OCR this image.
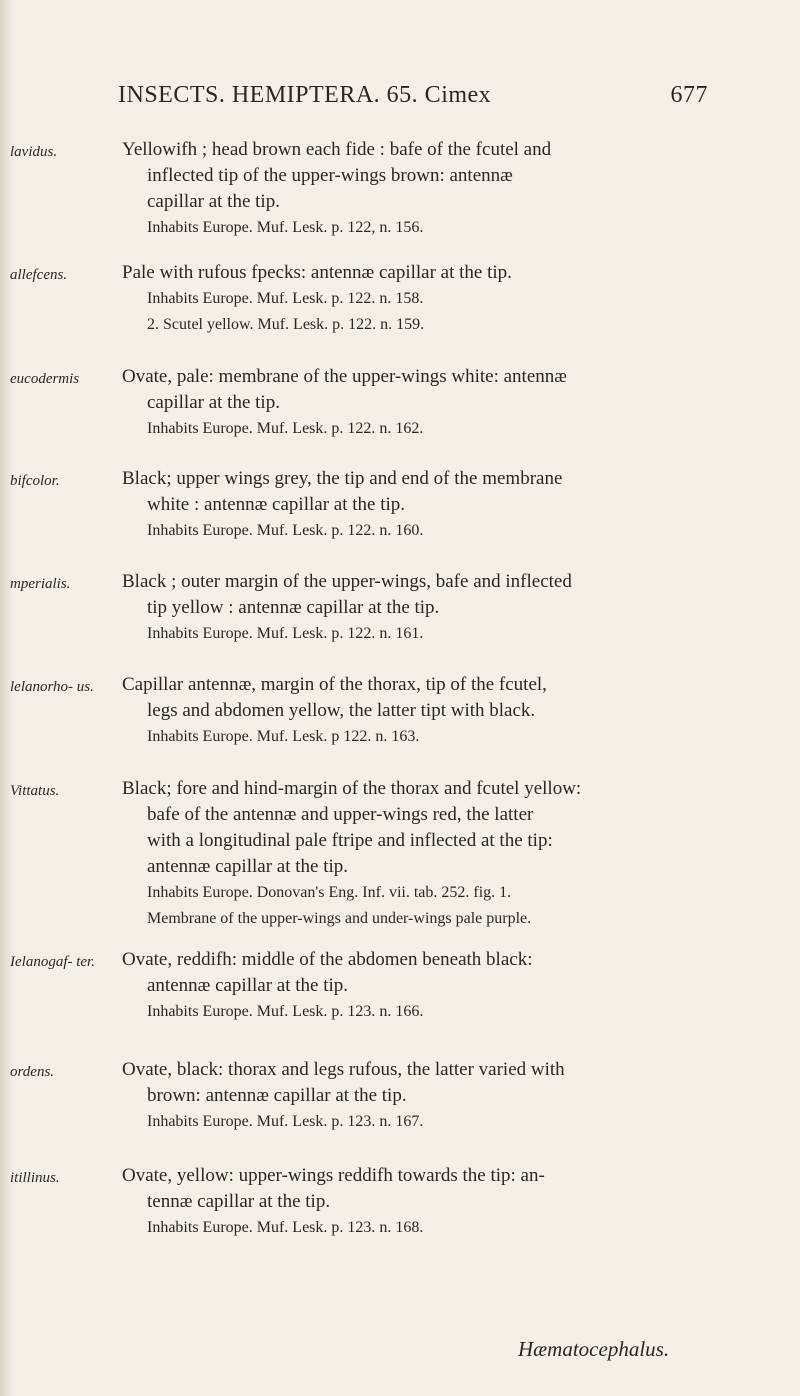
INSECTS. HEMIPTERA. 65. Cimex	677
lavidus.	Yellowifh ; head brown each fide : bafe of the fcutel and
inflected tip of the upper-wings brown: antennæ
capillar at the tip.
Inhabits Europe. Muf. Lesk. p. 122, n. 156.
allefcens.	Pale with rufous fpecks: antennæ capillar at the tip.
Inhabits Europe. Muf. Lesk. p. 122. n. 158.
2. Scutel yellow. Muf. Lesk. p. 122. n. 159.
eucodermis	Ovate, pale: membrane of the upper-wings white: antennæ
capillar at the tip.
Inhabits Europe. Muf. Lesk. p. 122. n. 162.
bifcolor.	Black; upper wings grey, the tip and end of the membrane
white : antennæ capillar at the tip.
Inhabits Europe. Muf. Lesk. p. 122. n. 160.
mperialis.	Black ; outer margin of the upper-wings, bafe and inflected
tip yellow : antennæ capillar at the tip.
Inhabits Europe. Muf. Lesk. p. 122. n. 161.
lelanorho- us.	Capillar antennæ, margin of the thorax, tip of the fcutel,
legs and abdomen yellow, the latter tipt with black.
Inhabits Europe. Muf. Lesk. p 122. n. 163.
Vittatus.	Black; fore and hind-margin of the thorax and fcutel yellow:
bafe of the antennæ and upper-wings red, the latter
with a longitudinal pale ftripe and inflected at the tip:
antennæ capillar at the tip.
Inhabits Europe. Donovan's Eng. Inf. vii. tab. 252. fig. 1.
Membrane of the upper-wings and under-wings pale purple.
Ielanogaf- ter.	Ovate, reddifh: middle of the abdomen beneath black:
antennæ capillar at the tip.
Inhabits Europe. Muf. Lesk. p. 123. n. 166.
ordens.	Ovate, black: thorax and legs rufous, the latter varied with
brown: antennæ capillar at the tip.
Inhabits Europe. Muf. Lesk. p. 123. n. 167.
itillinus.	Ovate, yellow: upper-wings reddifh towards the tip: an-
tennæ capillar at the tip.
Inhabits Europe. Muf. Lesk. p. 123. n. 168.
Hæmatocephalus.
